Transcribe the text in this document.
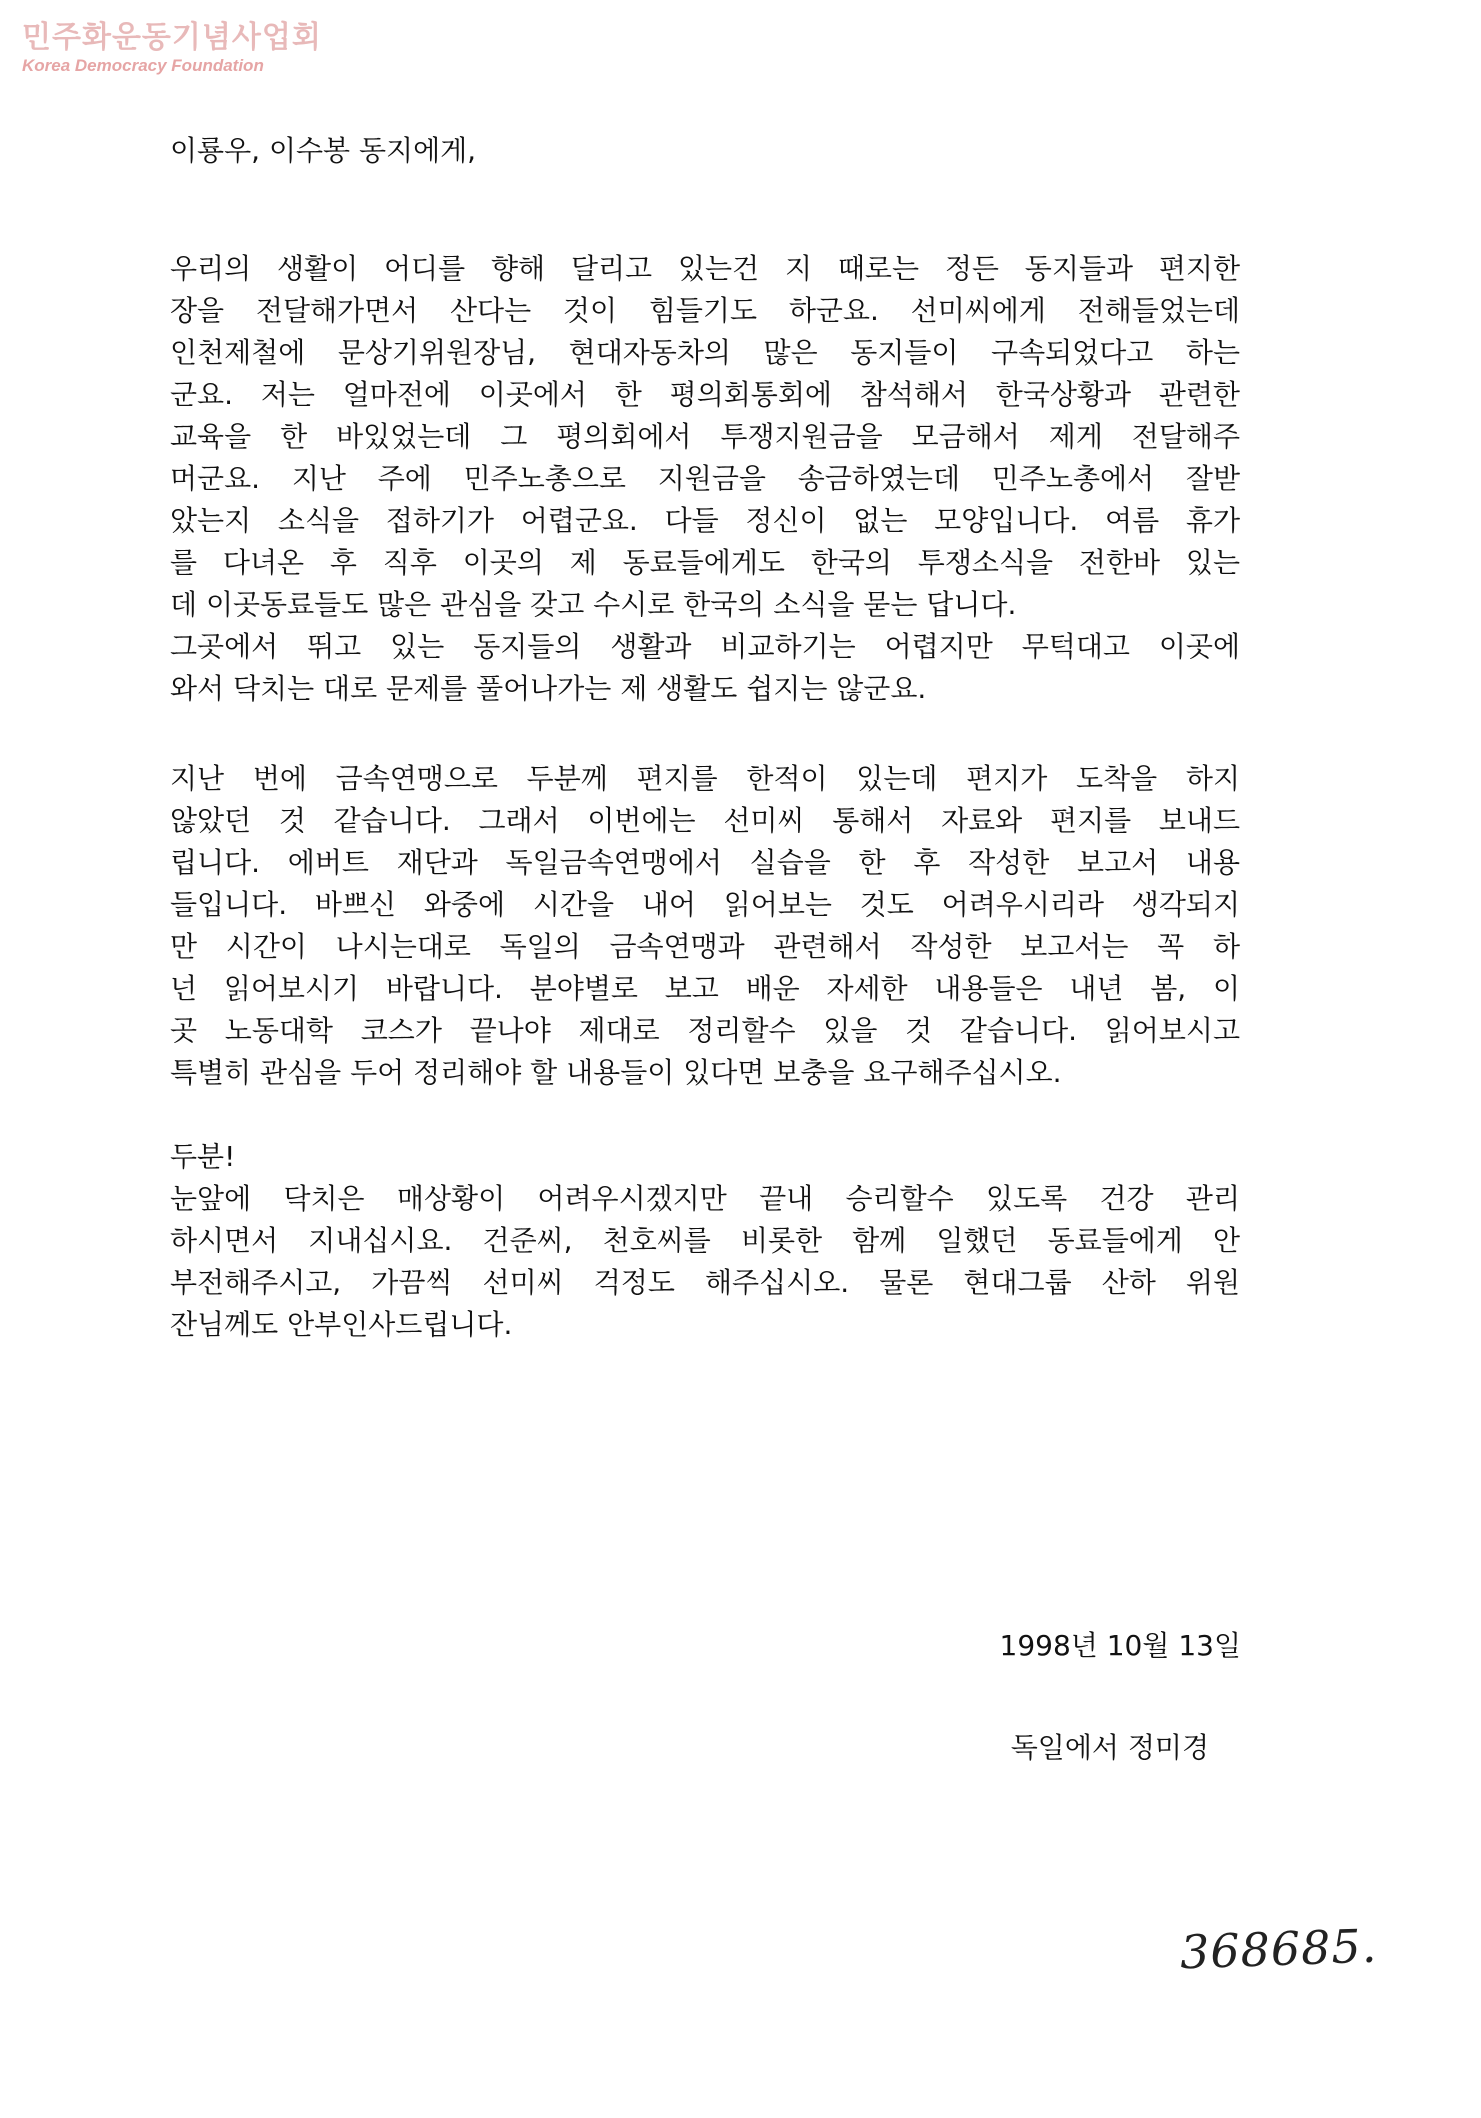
민주화운동기념사업회
Korea Democracy Foundation

이룡우, 이수봉 동지에게,

우리의 생활이 어디를 향해 달리고 있는건 지 때로는 정든 동지들과 편지한
장을 전달해가면서 산다는 것이 힘들기도 하군요. 선미씨에게 전해들었는데
인천제철에 문상기위원장님, 현대자동차의 많은 동지들이 구속되었다고 하는
군요. 저는 얼마전에 이곳에서 한 평의회통회에 참석해서 한국상황과 관련한
교육을 한 바있었는데 그 평의회에서 투쟁지원금을 모금해서 제게 전달해주
머군요. 지난 주에 민주노총으로 지원금을 송금하였는데 민주노총에서 잘받
았는지 소식을 접하기가 어렵군요. 다들 정신이 없는 모양입니다. 여름 휴가
를 다녀온 후 직후 이곳의 제 동료들에게도 한국의 투쟁소식을 전한바 있는
데 이곳동료들도 많은 관심을 갖고 수시로 한국의 소식을 묻는 답니다.
그곳에서 뛰고 있는 동지들의 생활과 비교하기는 어렵지만 무턱대고 이곳에
와서 닥치는 대로 문제를 풀어나가는 제 생활도 쉽지는 않군요.
지난 번에 금속연맹으로 두분께 편지를 한적이 있는데 편지가 도착을 하지
않았던 것 같습니다. 그래서 이번에는 선미씨 통해서 자료와 편지를 보내드
립니다. 에버트 재단과 독일금속연맹에서 실습을 한 후 작성한 보고서 내용
들입니다. 바쁘신 와중에 시간을 내어 읽어보는 것도 어려우시리라 생각되지
만 시간이 나시는대로 독일의 금속연맹과 관련해서 작성한 보고서는 꼭 하
넌 읽어보시기 바랍니다. 분야별로 보고 배운 자세한 내용들은 내년 봄, 이
곳 노동대학 코스가 끝나야 제대로 정리할수 있을 것 같습니다. 읽어보시고
특별히 관심을 두어 정리해야 할 내용들이 있다면 보충을 요구해주십시오.
두분!
눈앞에 닥치은 매상황이 어려우시겠지만 끝내 승리할수 있도록 건강 관리
하시면서 지내십시요. 건준씨, 천호씨를 비롯한 함께 일했던 동료들에게 안
부전해주시고, 가끔씩 선미씨 걱정도 해주십시오. 물론 현대그룹 산하 위원
잔님께도 안부인사드립니다.
1998년 10월 13일
독일에서 정미경
368685.
